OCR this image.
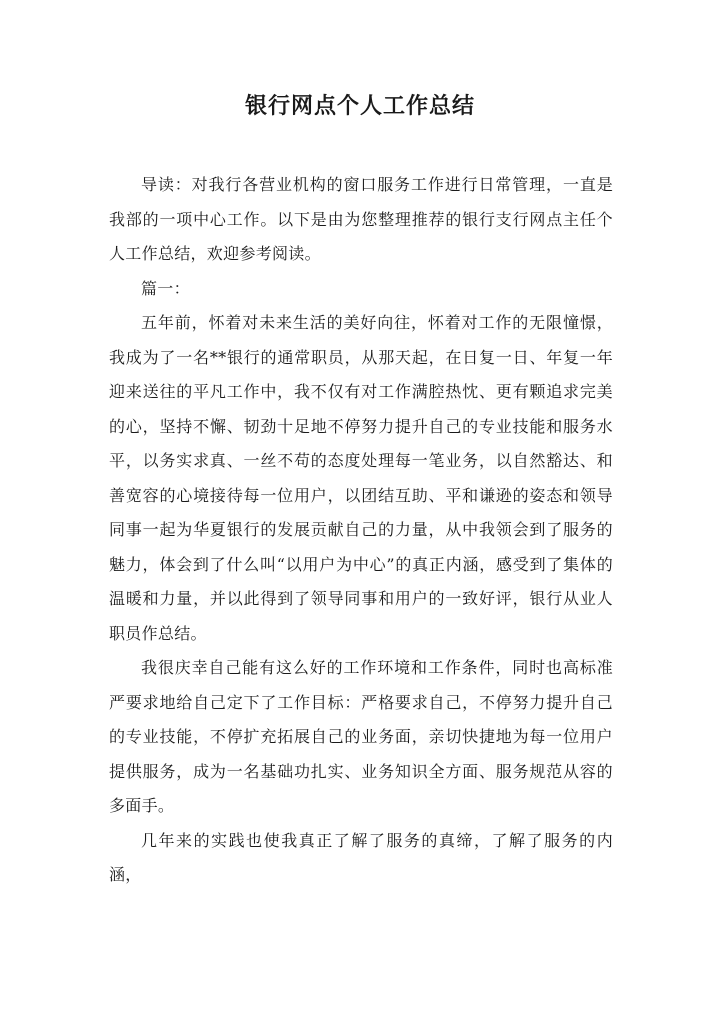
银行网点个人工作总结

导读：对我行各营业机构的窗口服务工作进行日常管理，一直是我部的一项中心工作。以下是由为您整理推荐的银行支行网点主任个人工作总结，欢迎参考阅读。

篇一：

五年前，怀着对未来生活的美好向往，怀着对工作的无限憧憬，我成为了一名**银行的通常职员，从那天起，在日复一日、年复一年迎来送往的平凡工作中，我不仅有对工作满腔热忱、更有颗追求完美的心，坚持不懈、韧劲十足地不停努力提升自己的专业技能和服务水平，以务实求真、一丝不苟的态度处理每一笔业务，以自然豁达、和善宽容的心境接待每一位用户，以团结互助、平和谦逊的姿态和领导同事一起为华夏银行的发展贡献自己的力量，从中我领会到了服务的魅力，体会到了什么叫“以用户为中心”的真正内涵，感受到了集体的温暖和力量，并以此得到了领导同事和用户的一致好评，银行从业人职员作总结。

我很庆幸自己能有这么好的工作环境和工作条件，同时也高标准严要求地给自己定下了工作目标：严格要求自己，不停努力提升自己的专业技能，不停扩充拓展自己的业务面，亲切快捷地为每一位用户提供服务，成为一名基础功扎实、业务知识全方面、服务规范从容的多面手。

几年来的实践也使我真正了解了服务的真缔，了解了服务的内涵，
